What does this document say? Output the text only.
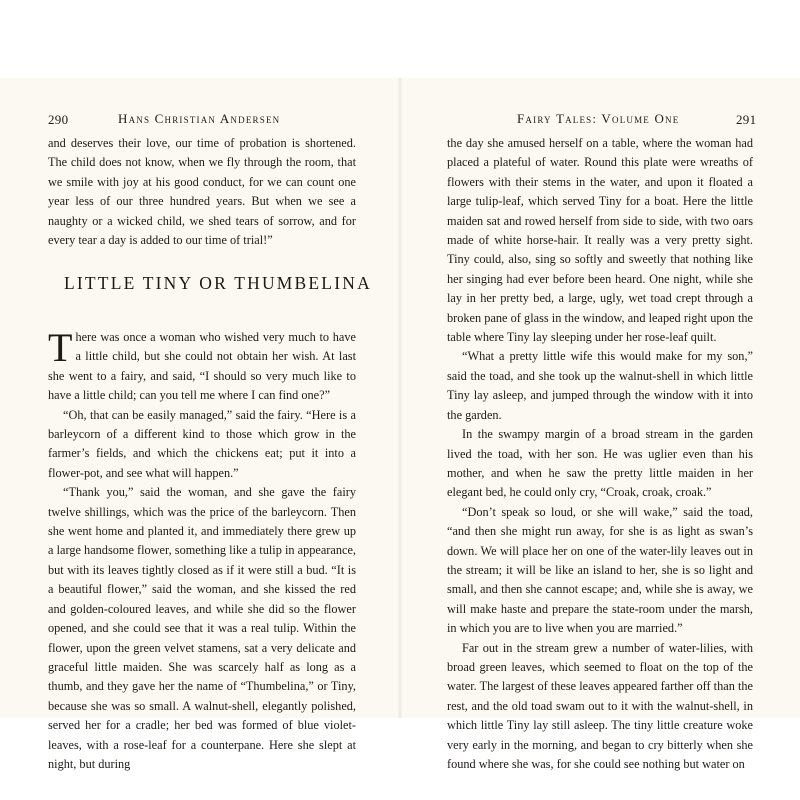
290	Hans Christian Andersen

and deserves their love, our time of probation is shortened. The child does not know, when we fly through the room, that we smile with joy at his good conduct, for we can count one year less of our three hundred years. But when we see a naughty or a wicked child, we shed tears of sorrow, and for every tear a day is added to our time of trial!”

LITTLE TINY OR THUMBELINA

There was once a woman who wished very much to have a little child, but she could not obtain her wish. At last she went to a fairy, and said, “I should so very much like to have a little child; can you tell me where I can find one?”

“Oh, that can be easily managed,” said the fairy. “Here is a barleycorn of a different kind to those which grow in the farmer’s fields, and which the chickens eat; put it into a flower-pot, and see what will happen.”

“Thank you,” said the woman, and she gave the fairy twelve shillings, which was the price of the barleycorn. Then she went home and planted it, and immediately there grew up a large handsome flower, something like a tulip in appearance, but with its leaves tightly closed as if it were still a bud. “It is a beautiful flower,” said the woman, and she kissed the red and golden-coloured leaves, and while she did so the flower opened, and she could see that it was a real tulip. Within the flower, upon the green velvet stamens, sat a very delicate and graceful little maiden. She was scarcely half as long as a thumb, and they gave her the name of “Thumbelina,” or Tiny, because she was so small. A walnut-shell, elegantly polished, served her for a cradle; her bed was formed of blue violet-leaves, with a rose-leaf for a counterpane. Here she slept at night, but during

Fairy Tales: Volume One	291

the day she amused herself on a table, where the woman had placed a plateful of water. Round this plate were wreaths of flowers with their stems in the water, and upon it floated a large tulip-leaf, which served Tiny for a boat. Here the little maiden sat and rowed herself from side to side, with two oars made of white horse-hair. It really was a very pretty sight. Tiny could, also, sing so softly and sweetly that nothing like her singing had ever before been heard. One night, while she lay in her pretty bed, a large, ugly, wet toad crept through a broken pane of glass in the window, and leaped right upon the table where Tiny lay sleeping under her rose-leaf quilt.

“What a pretty little wife this would make for my son,” said the toad, and she took up the walnut-shell in which little Tiny lay asleep, and jumped through the window with it into the garden.

In the swampy margin of a broad stream in the garden lived the toad, with her son. He was uglier even than his mother, and when he saw the pretty little maiden in her elegant bed, he could only cry, “Croak, croak, croak.”

“Don’t speak so loud, or she will wake,” said the toad, “and then she might run away, for she is as light as swan’s down. We will place her on one of the water-lily leaves out in the stream; it will be like an island to her, she is so light and small, and then she cannot escape; and, while she is away, we will make haste and prepare the state-room under the marsh, in which you are to live when you are married.”

Far out in the stream grew a number of water-lilies, with broad green leaves, which seemed to float on the top of the water. The largest of these leaves appeared farther off than the rest, and the old toad swam out to it with the walnut-shell, in which little Tiny lay still asleep. The tiny little creature woke very early in the morning, and began to cry bitterly when she found where she was, for she could see nothing but water on
